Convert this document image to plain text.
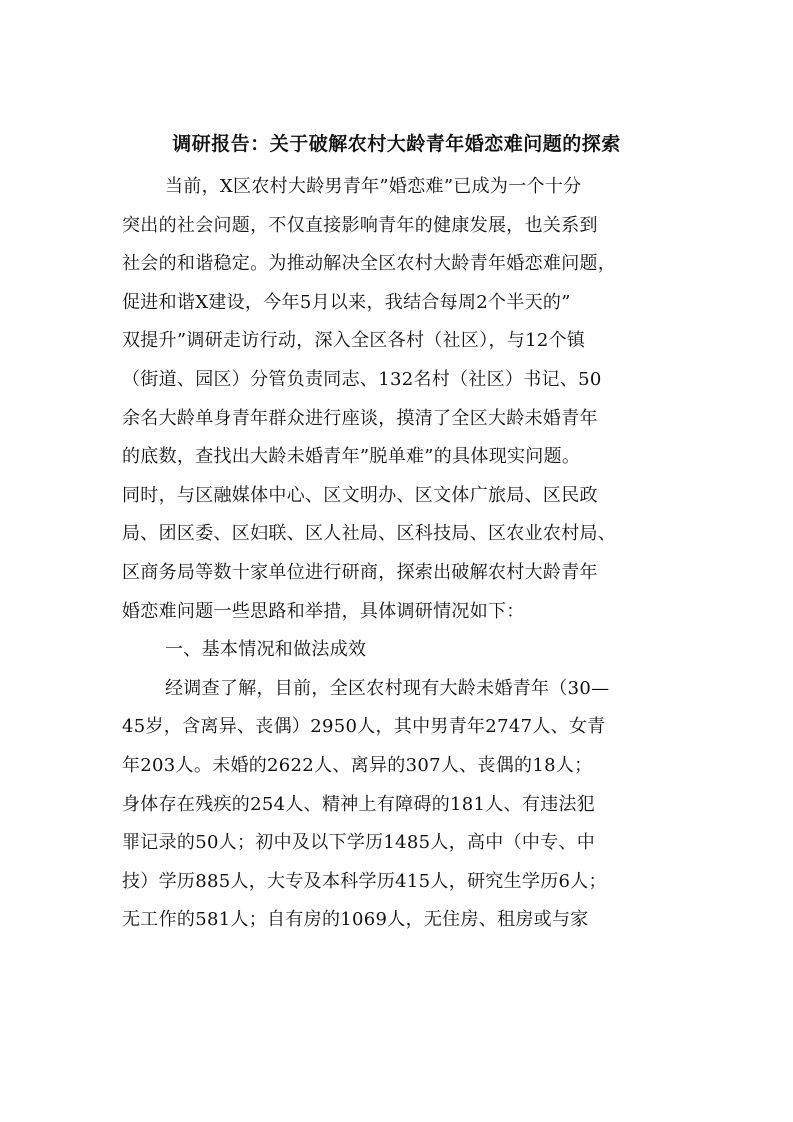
调研报告：关于破解农村大龄青年婚恋难问题的探索
当前，X区农村大龄男青年”婚恋难”已成为一个十分
突出的社会问题，不仅直接影响青年的健康发展，也关系到
社会的和谐稳定。为推动解决全区农村大龄青年婚恋难问题，
促进和谐X建设，今年5月以来，我结合每周2个半天的”
双提升”调研走访行动，深入全区各村（社区），与12个镇
（街道、园区）分管负责同志、132名村（社区）书记、50
余名大龄单身青年群众进行座谈，摸清了全区大龄未婚青年
的底数，查找出大龄未婚青年”脱单难”的具体现实问题。
同时，与区融媒体中心、区文明办、区文体广旅局、区民政
局、团区委、区妇联、区人社局、区科技局、区农业农村局、
区商务局等数十家单位进行研商，探索出破解农村大龄青年
婚恋难问题一些思路和举措，具体调研情况如下：
一、基本情况和做法成效
经调查了解，目前，全区农村现有大龄未婚青年（30—
45岁，含离异、丧偶）2950人，其中男青年2747人、女青
年203人。未婚的2622人、离异的307人、丧偶的18人；
身体存在残疾的254人、精神上有障碍的181人、有违法犯
罪记录的50人；初中及以下学历1485人，高中（中专、中
技）学历885人，大专及本科学历415人，研究生学历6人；
无工作的581人；自有房的1069人，无住房、租房或与家
